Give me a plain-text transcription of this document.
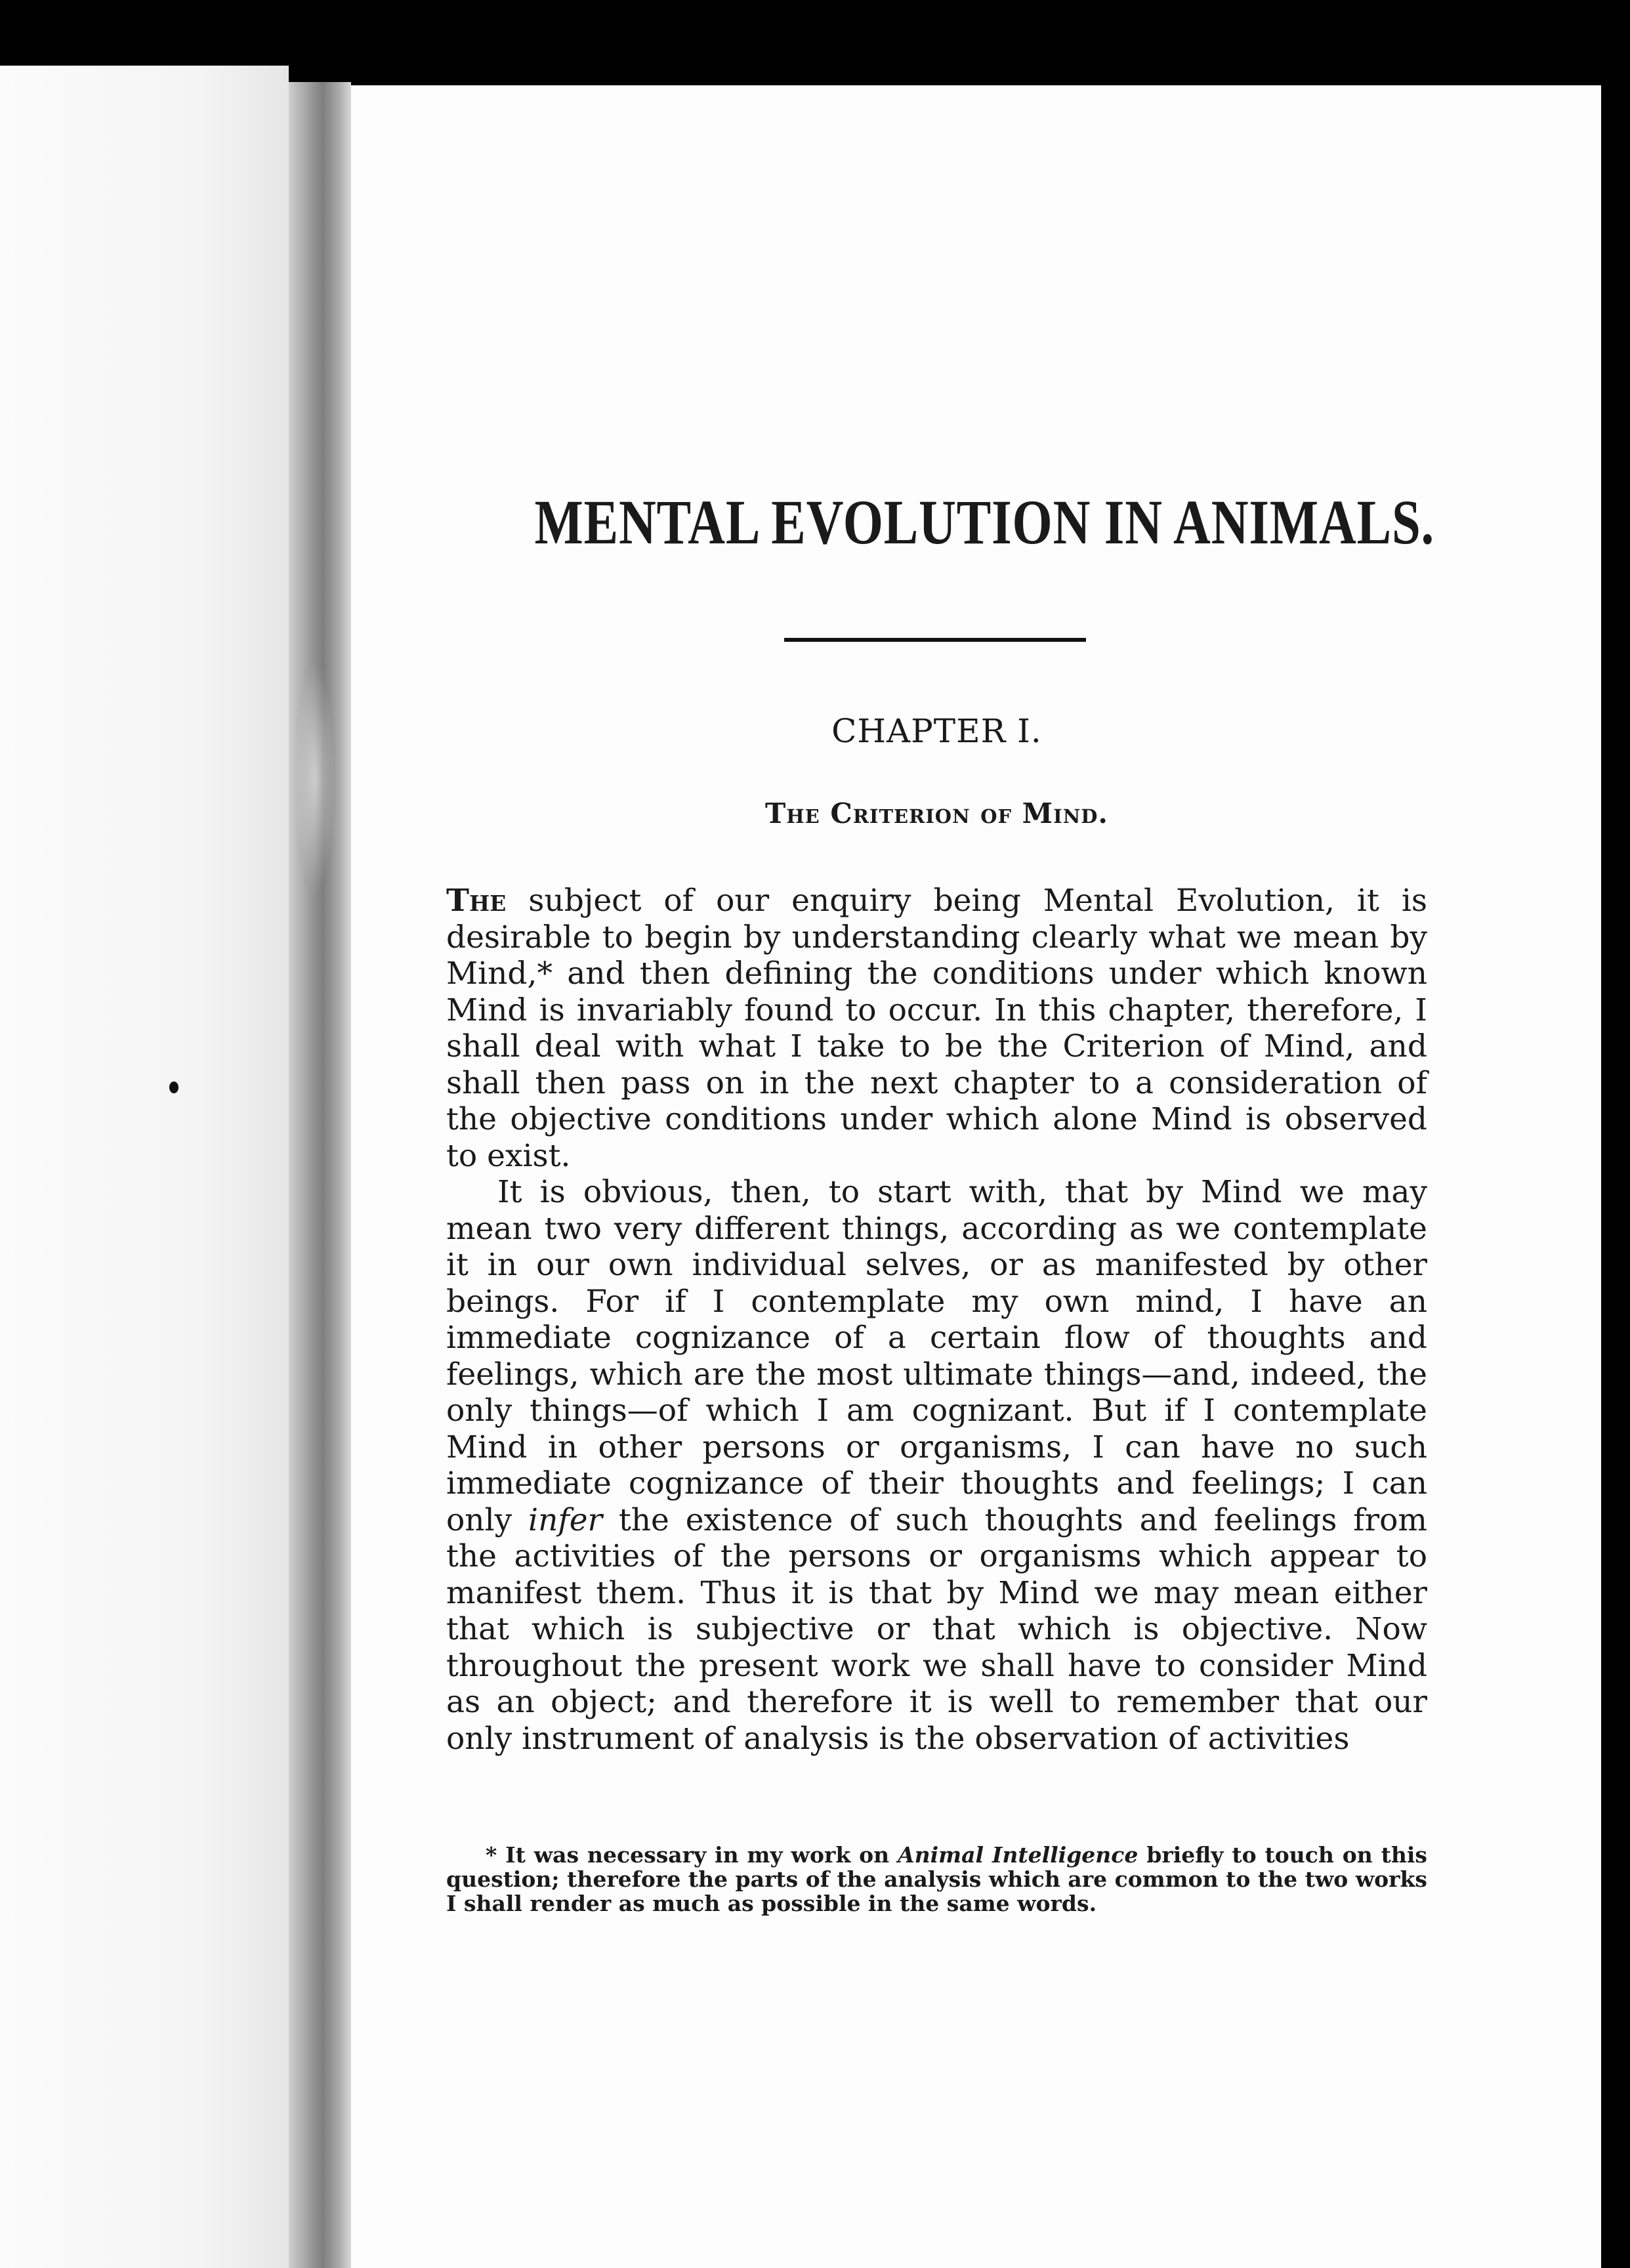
MENTAL EVOLUTION IN ANIMALS.
CHAPTER I.
The Criterion of Mind.

The subject of our enquiry being Mental Evolution, it is desirable to begin by understanding clearly what we mean by Mind,* and then defining the conditions under which known Mind is invariably found to occur. In this chapter, therefore, I shall deal with what I take to be the Criterion of Mind, and shall then pass on in the next chapter to a consideration of the objective conditions under which alone Mind is observed to exist.

It is obvious, then, to start with, that by Mind we may mean two very different things, according as we contemplate it in our own individual selves, or as manifested by other beings. For if I contemplate my own mind, I have an immediate cognizance of a certain flow of thoughts and feelings, which are the most ultimate things—and, indeed, the only things—of which I am cognizant. But if I contemplate Mind in other persons or organisms, I can have no such immediate cognizance of their thoughts and feelings; I can only infer the existence of such thoughts and feelings from the activities of the persons or organisms which appear to manifest them. Thus it is that by Mind we may mean either that which is subjective or that which is objective. Now throughout the present work we shall have to consider Mind as an object; and therefore it is well to remember that our only instrument of analysis is the observation of activities

* It was necessary in my work on Animal Intelligence briefly to touch on this question; therefore the parts of the analysis which are common to the two works I shall render as much as possible in the same words.
